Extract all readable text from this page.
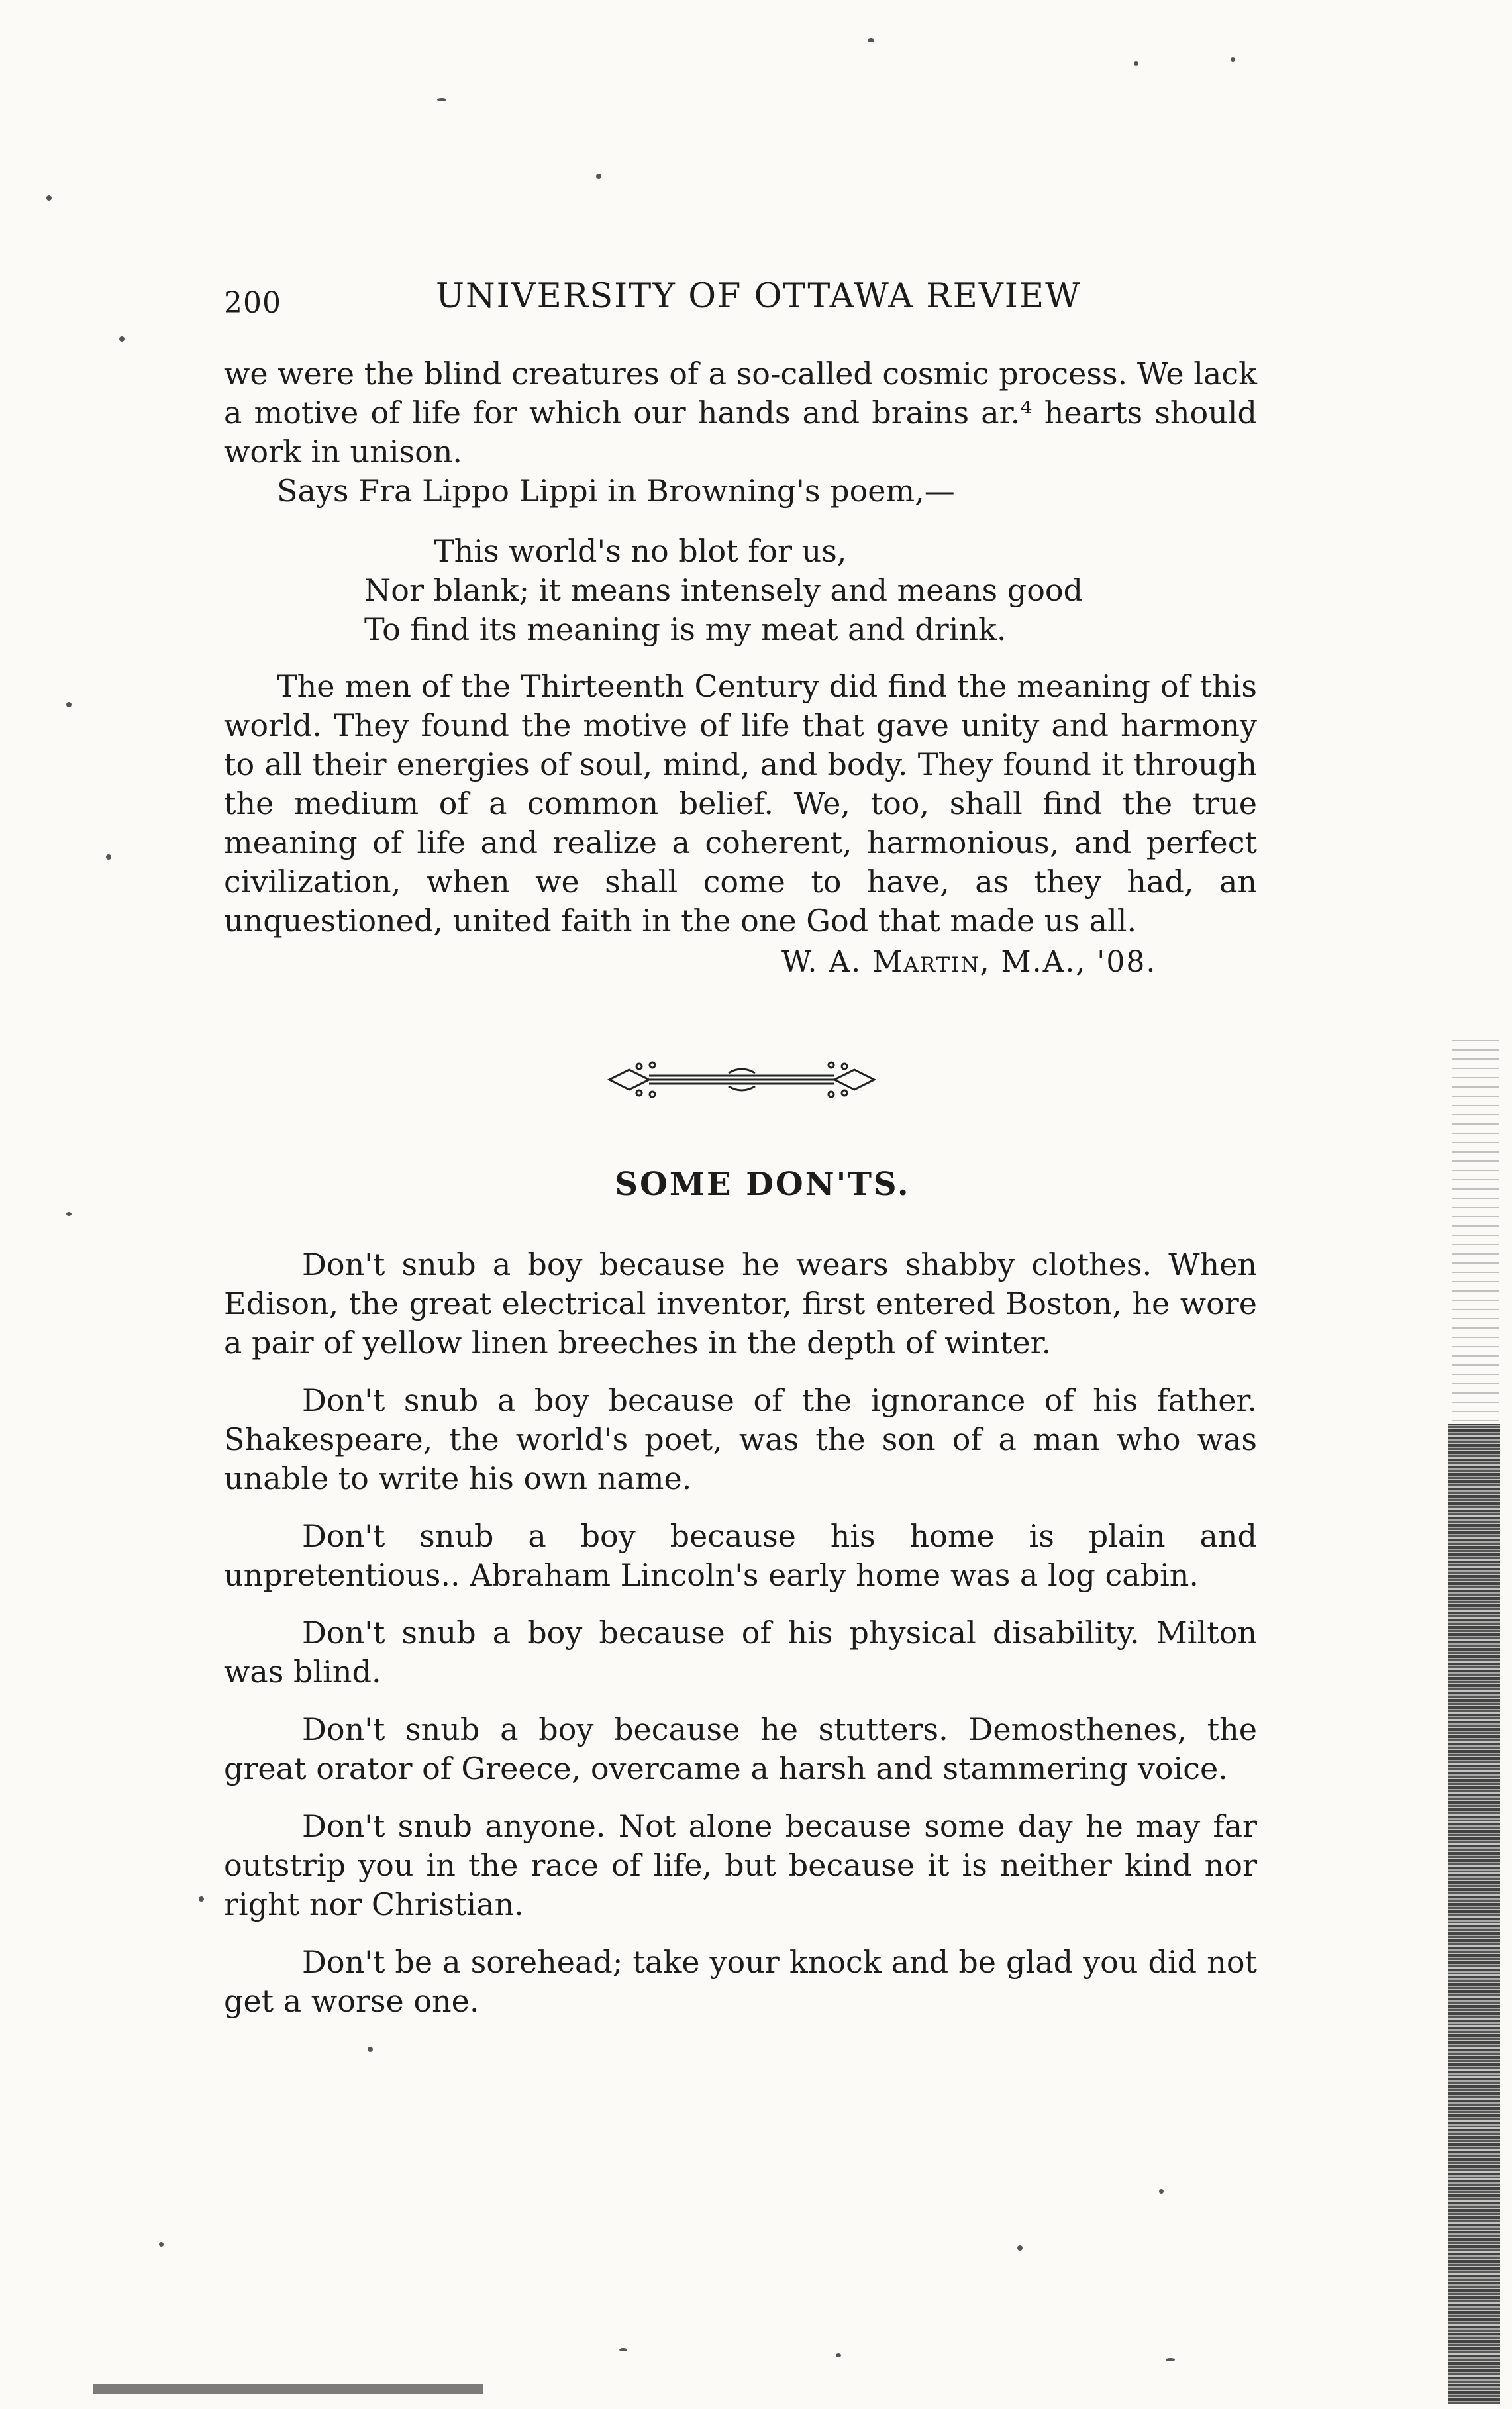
200	UNIVERSITY OF OTTAWA REVIEW

we were the blind creatures of a so-called cosmic process. We lack a motive of life for which our hands and brains ar.⁴ hearts should work in unison.

Says Fra Lippo Lippi in Browning's poem,—

This world's no blot for us,
Nor blank; it means intensely and means good
To find its meaning is my meat and drink.

The men of the Thirteenth Century did find the meaning of this world. They found the motive of life that gave unity and harmony to all their energies of soul, mind, and body. They found it through the medium of a common belief. We, too, shall find the true meaning of life and realize a coherent, harmonious, and perfect civilization, when we shall come to have, as they had, an unquestioned, united faith in the one God that made us all.

W. A. Martin, M.A., '08.
SOME DON'TS.

Don't snub a boy because he wears shabby clothes. When Edison, the great electrical inventor, first entered Boston, he wore a pair of yellow linen breeches in the depth of winter.

Don't snub a boy because of the ignorance of his father. Shakespeare, the world's poet, was the son of a man who was unable to write his own name.

Don't snub a boy because his home is plain and unpretentious.. Abraham Lincoln's early home was a log cabin.

Don't snub a boy because of his physical disability. Milton was blind.

Don't snub a boy because he stutters. Demosthenes, the great orator of Greece, overcame a harsh and stammering voice.

Don't snub anyone. Not alone because some day he may far outstrip you in the race of life, but because it is neither kind nor right nor Christian.

Don't be a sorehead; take your knock and be glad you did not get a worse one.
